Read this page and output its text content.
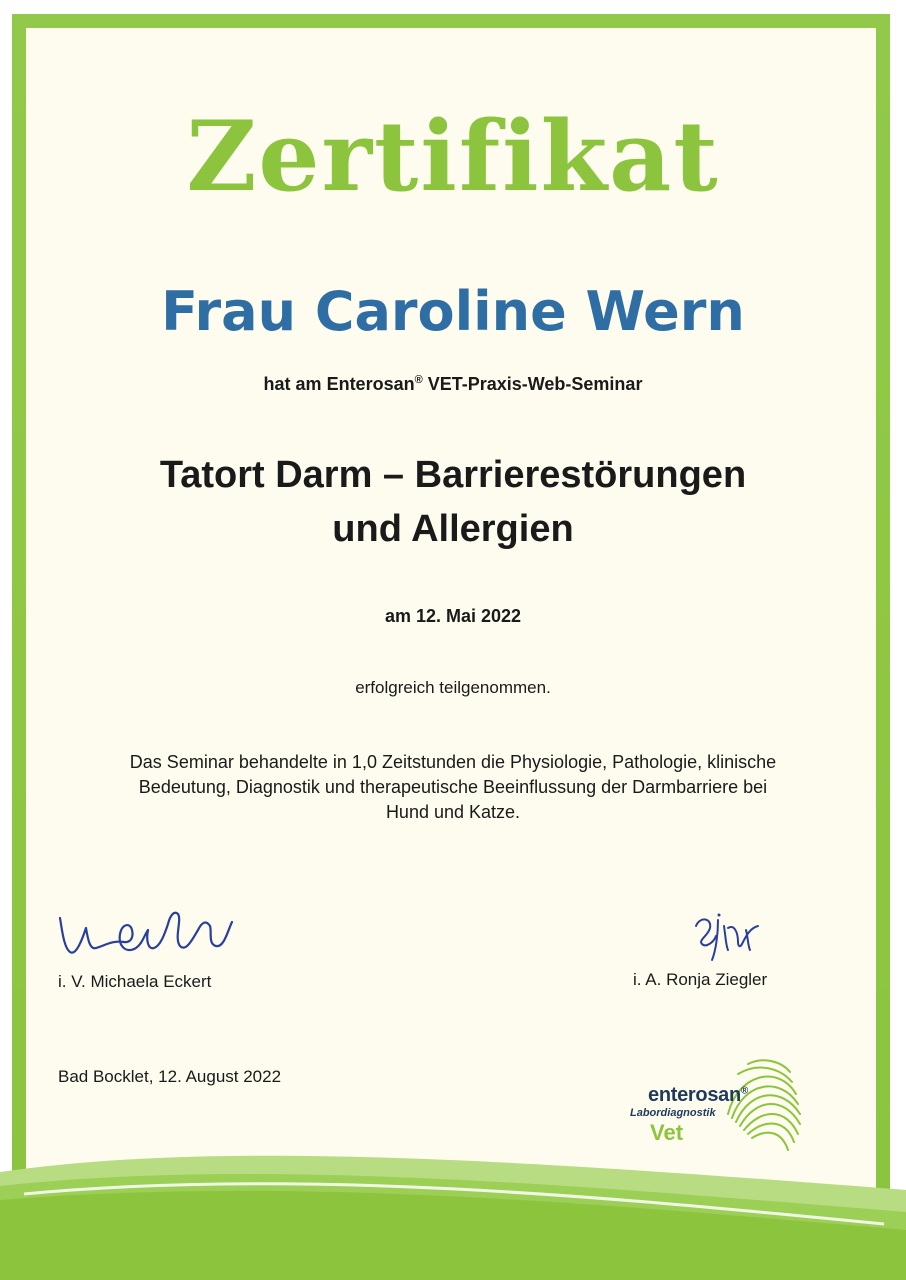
Zertifikat
Frau Caroline Wern
hat am Enterosan® VET-Praxis-Web-Seminar
Tatort Darm – Barrierestörungen
und Allergien
am 12. Mai 2022
erfolgreich teilgenommen.
Das Seminar behandelte in 1,0 Zeitstunden die Physiologie, Pathologie, klinische
Bedeutung, Diagnostik und therapeutische Beeinflussung der Darmbarriere bei
Hund und Katze.
i. V. Michaela Eckert	i. A. Ronja Ziegler
Bad Bocklet, 12. August 2022
enterosan®
Labordiagnostik
Vet
